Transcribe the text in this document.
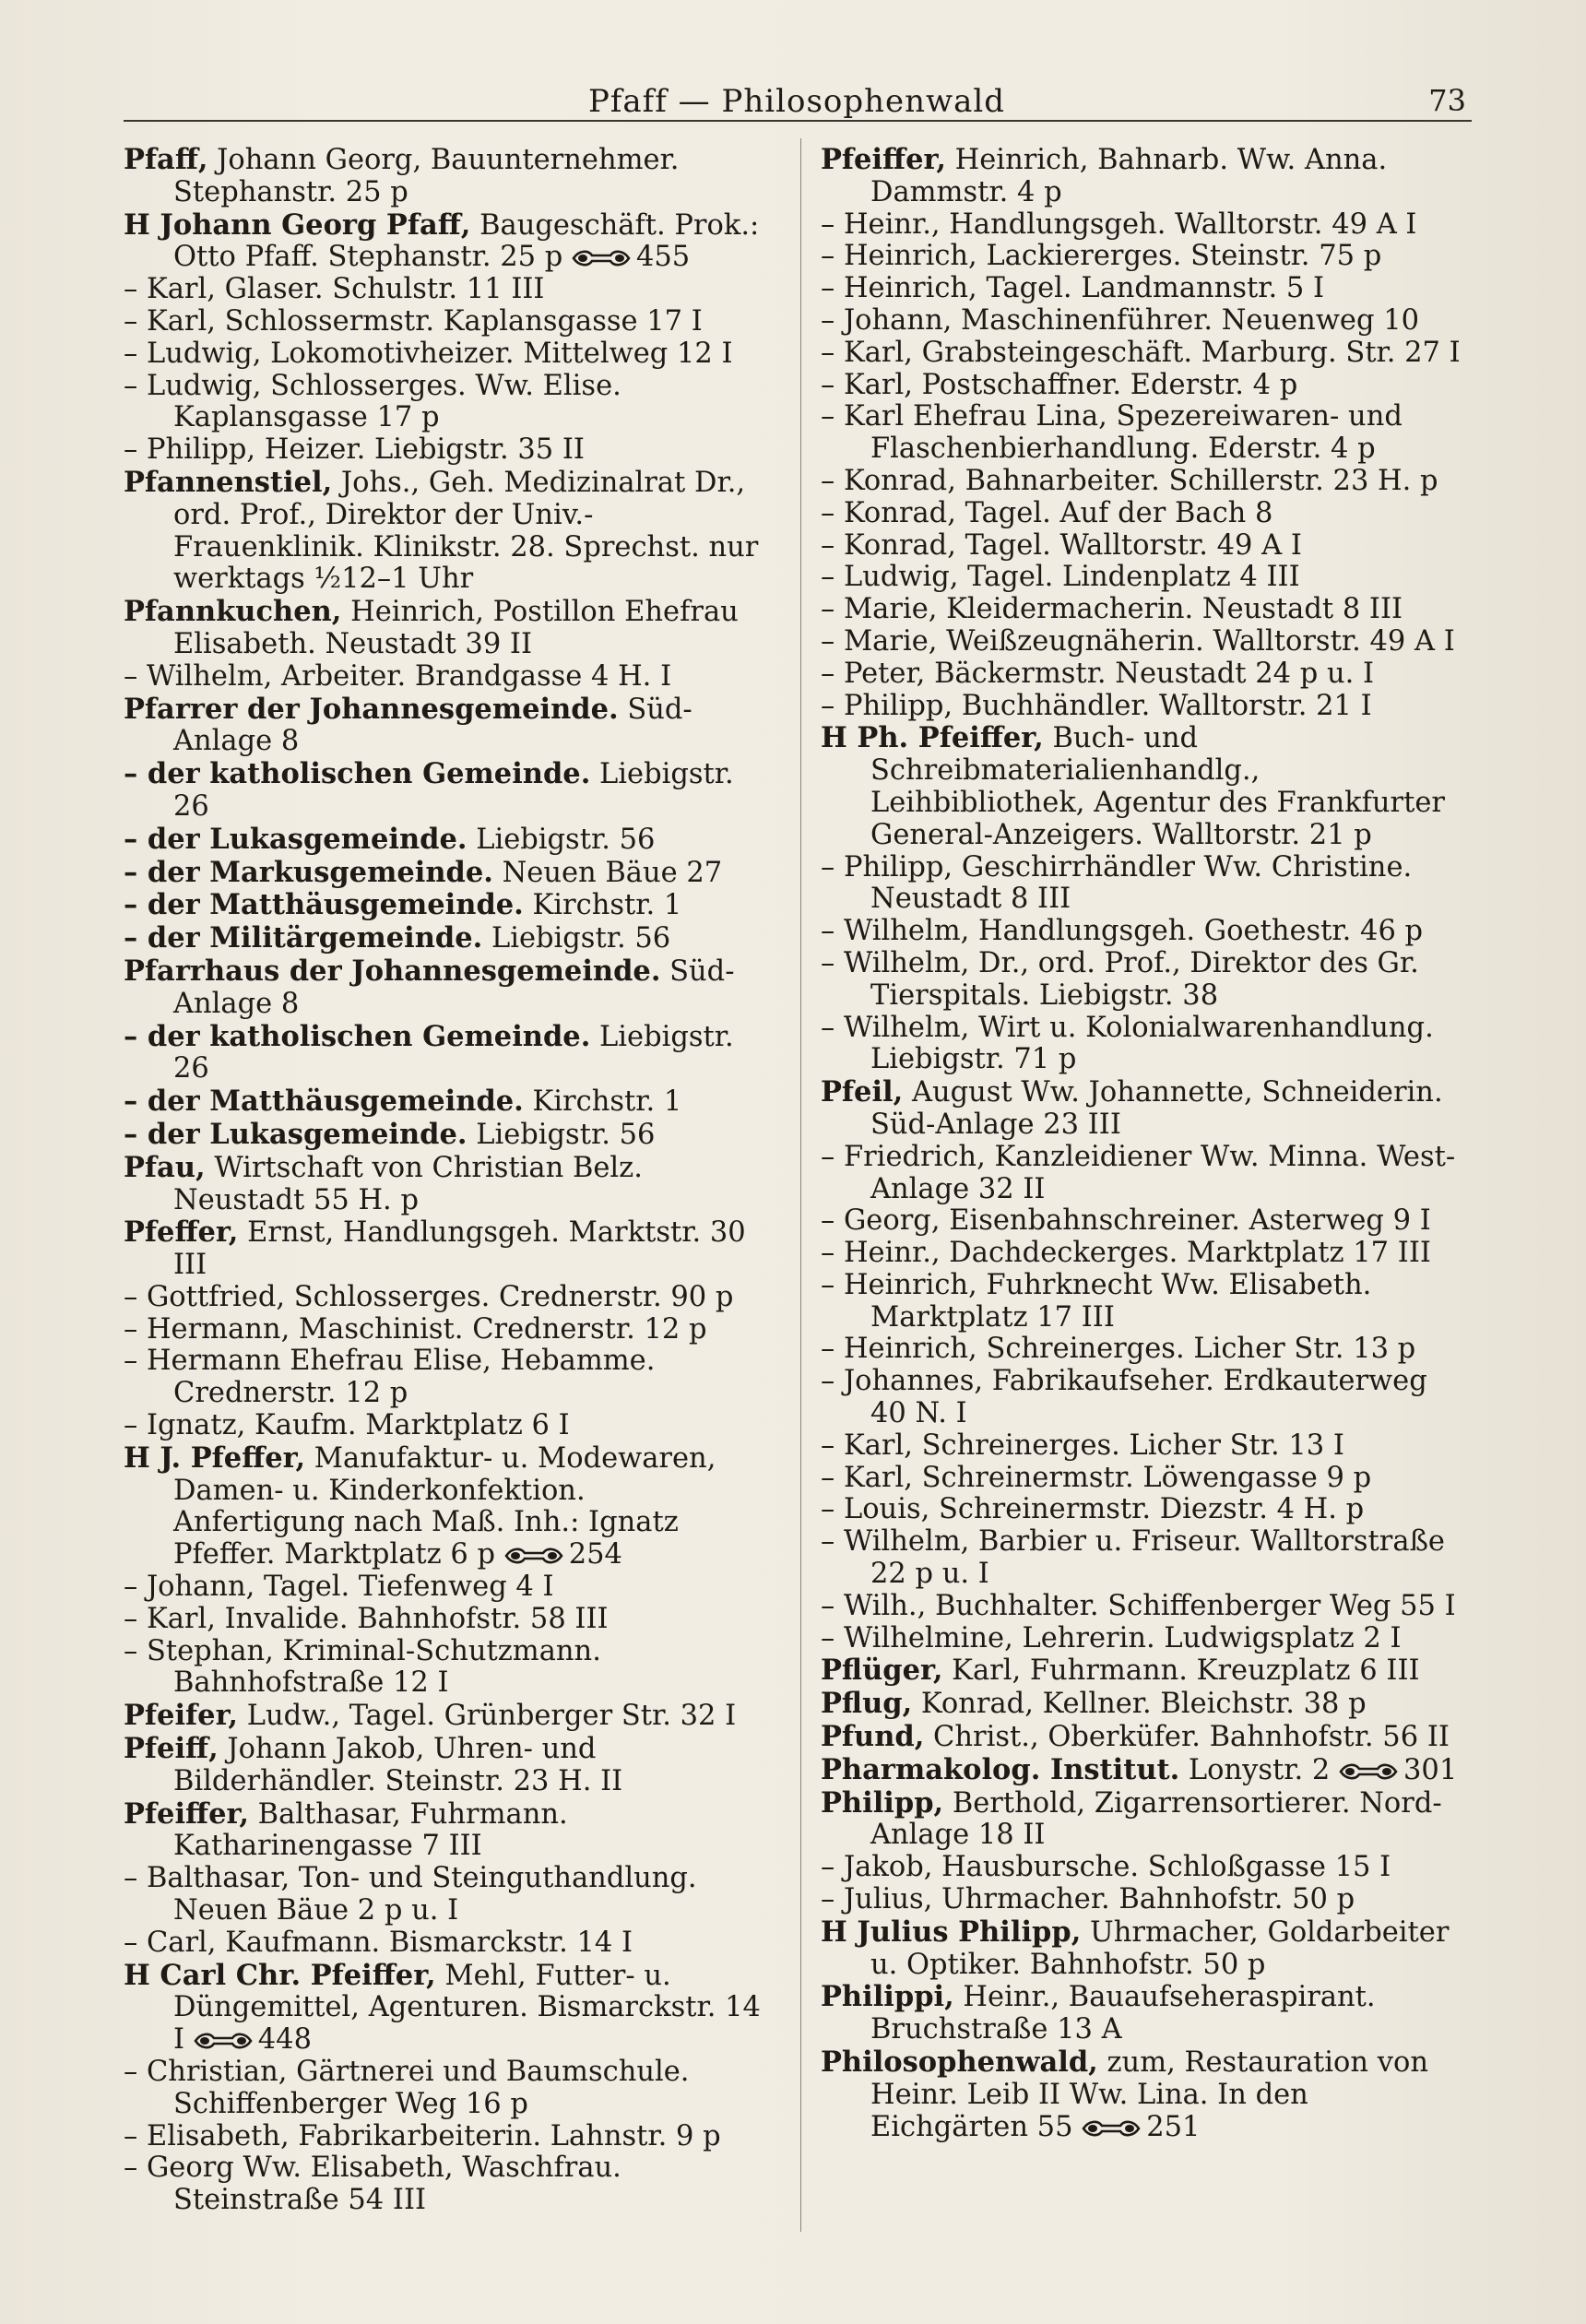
Pfaff — Philosophenwald	73

Pfaff, Johann Georg, Bauunternehmer. Stephanstr. 25 p

H Johann Georg Pfaff, Baugeschäft. Prok.: Otto Pfaff. Stephanstr. 25 p	455

– Karl, Glaser. Schulstr. 11 III

– Karl, Schlossermstr. Kaplansgasse 17 I

– Ludwig, Lokomotivheizer. Mittelweg 12 I

– Ludwig, Schlosserges. Ww. Elise. Kaplansgasse 17 p

– Philipp, Heizer. Liebigstr. 35 II

Pfannenstiel, Johs., Geh. Medizinalrat Dr., ord. Prof., Direktor der Univ.-Frauenklinik. Klinikstr. 28. Sprechst. nur werktags ½12–1 Uhr

Pfannkuchen, Heinrich, Postillon Ehefrau Elisabeth. Neustadt 39 II

– Wilhelm, Arbeiter. Brandgasse 4 H. I

Pfarrer der Johannesgemeinde. Süd-Anlage 8

– der katholischen Gemeinde. Liebigstr. 26

– der Lukasgemeinde. Liebigstr. 56

– der Markusgemeinde. Neuen Bäue 27

– der Matthäusgemeinde. Kirchstr. 1

– der Militärgemeinde. Liebigstr. 56

Pfarrhaus der Johannesgemeinde. Süd-Anlage 8

– der katholischen Gemeinde. Liebigstr. 26

– der Matthäusgemeinde. Kirchstr. 1

– der Lukasgemeinde. Liebigstr. 56

Pfau, Wirtschaft von Christian Belz. Neustadt 55 H. p

Pfeffer, Ernst, Handlungsgeh. Marktstr. 30 III

– Gottfried, Schlosserges. Crednerstr. 90 p

– Hermann, Maschinist. Crednerstr. 12 p

– Hermann Ehefrau Elise, Hebamme. Crednerstr. 12 p

– Ignatz, Kaufm. Marktplatz 6 I

H J. Pfeffer, Manufaktur- u. Modewaren, Damen- u. Kinderkonfektion. Anfertigung nach Maß. Inh.: Ignatz Pfeffer. Marktplatz 6 p	254

– Johann, Tagel. Tiefenweg 4 I

– Karl, Invalide. Bahnhofstr. 58 III

– Stephan, Kriminal-Schutzmann. Bahnhofstraße 12 I

Pfeifer, Ludw., Tagel. Grünberger Str. 32 I

Pfeiff, Johann Jakob, Uhren- und Bilderhändler. Steinstr. 23 H. II

Pfeiffer, Balthasar, Fuhrmann. Katharinengasse 7 III

– Balthasar, Ton- und Steinguthandlung. Neuen Bäue 2 p u. I

– Carl, Kaufmann. Bismarckstr. 14 I

H Carl Chr. Pfeiffer, Mehl, Futter- u. Düngemittel, Agenturen. Bismarckstr. 14 I	448

– Christian, Gärtnerei und Baumschule. Schiffenberger Weg 16 p

– Elisabeth, Fabrikarbeiterin. Lahnstr. 9 p

– Georg Ww. Elisabeth, Waschfrau. Steinstraße 54 III

Pfeiffer, Heinrich, Bahnarb. Ww. Anna. Dammstr. 4 p

– Heinr., Handlungsgeh. Walltorstr. 49 A I

– Heinrich, Lackiererges. Steinstr. 75 p

– Heinrich, Tagel. Landmannstr. 5 I

– Johann, Maschinenführer. Neuenweg 10

– Karl, Grabsteingeschäft. Marburg. Str. 27 I

– Karl, Postschaffner. Ederstr. 4 p

– Karl Ehefrau Lina, Spezereiwaren- und Flaschenbierhandlung. Ederstr. 4 p

– Konrad, Bahnarbeiter. Schillerstr. 23 H. p

– Konrad, Tagel. Auf der Bach 8

– Konrad, Tagel. Walltorstr. 49 A I

– Ludwig, Tagel. Lindenplatz 4 III

– Marie, Kleidermacherin. Neustadt 8 III

– Marie, Weißzeugnäherin. Walltorstr. 49 A I

– Peter, Bäckermstr. Neustadt 24 p u. I

– Philipp, Buchhändler. Walltorstr. 21 I

H Ph. Pfeiffer, Buch- und Schreibmaterialienhandlg., Leihbibliothek, Agentur des Frankfurter General-Anzeigers. Walltorstr. 21 p

– Philipp, Geschirrhändler Ww. Christine. Neustadt 8 III

– Wilhelm, Handlungsgeh. Goethestr. 46 p

– Wilhelm, Dr., ord. Prof., Direktor des Gr. Tierspitals. Liebigstr. 38

– Wilhelm, Wirt u. Kolonialwarenhandlung. Liebigstr. 71 p

Pfeil, August Ww. Johannette, Schneiderin. Süd-Anlage 23 III

– Friedrich, Kanzleidiener Ww. Minna. West-Anlage 32 II

– Georg, Eisenbahnschreiner. Asterweg 9 I

– Heinr., Dachdeckerges. Marktplatz 17 III

– Heinrich, Fuhrknecht Ww. Elisabeth. Marktplatz 17 III

– Heinrich, Schreinerges. Licher Str. 13 p

– Johannes, Fabrikaufseher. Erdkauterweg 40 N. I

– Karl, Schreinerges. Licher Str. 13 I

– Karl, Schreinermstr. Löwengasse 9 p

– Louis, Schreinermstr. Diezstr. 4 H. p

– Wilhelm, Barbier u. Friseur. Walltorstraße 22 p u. I

– Wilh., Buchhalter. Schiffenberger Weg 55 I

– Wilhelmine, Lehrerin. Ludwigsplatz 2 I

Pflüger, Karl, Fuhrmann. Kreuzplatz 6 III

Pflug, Konrad, Kellner. Bleichstr. 38 p

Pfund, Christ., Oberküfer. Bahnhofstr. 56 II

Pharmakolog. Institut. Lonystr. 2	301

Philipp, Berthold, Zigarrensortierer. Nord-Anlage 18 II

– Jakob, Hausbursche. Schloßgasse 15 I

– Julius, Uhrmacher. Bahnhofstr. 50 p

H Julius Philipp, Uhrmacher, Goldarbeiter u. Optiker. Bahnhofstr. 50 p

Philippi, Heinr., Bauaufseheraspirant. Bruchstraße 13 A

Philosophenwald, zum, Restauration von Heinr. Leib II Ww. Lina. In den Eichgärten 55	251
